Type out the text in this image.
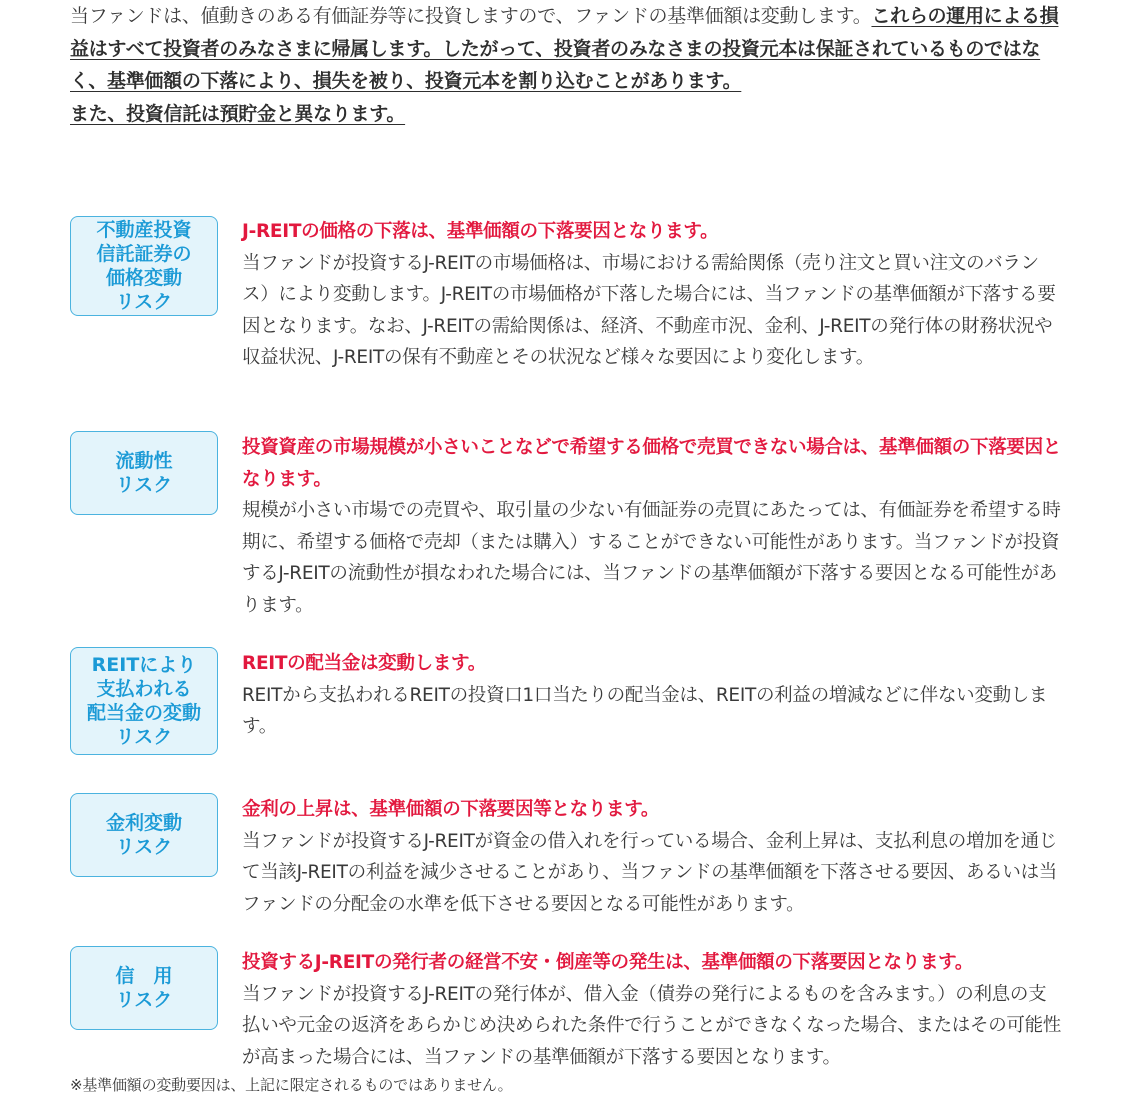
当ファンドは、値動きのある有価証券等に投資しますので、ファンドの基準価額は変動します。これらの運用による損益はすべて投資者のみなさまに帰属します。したがって、投資者のみなさまの投資元本は保証されているものではなく、基準価額の下落により、損失を被り、投資元本を割り込むことがあります。

また、投資信託は預貯金と異なります。

不動産投資
信託証券の
価格変動
リスク

J-REITの価格の下落は、基準価額の下落要因となります。

当ファンドが投資するJ-REITの市場価格は、市場における需給関係（売り注文と買い注文のバランス）により変動します。J-REITの市場価格が下落した場合には、当ファンドの基準価額が下落する要因となります。なお、J-REITの需給関係は、経済、不動産市況、金利、J-REITの発行体の財務状況や収益状況、J-REITの保有不動産とその状況など様々な要因により変化します。

流動性
リスク

投資資産の市場規模が小さいことなどで希望する価格で売買できない場合は、基準価額の下落要因となります。

規模が小さい市場での売買や、取引量の少ない有価証券の売買にあたっては、有価証券を希望する時期に、希望する価格で売却（または購入）することができない可能性があります。当ファンドが投資するJ-REITの流動性が損なわれた場合には、当ファンドの基準価額が下落する要因となる可能性があります。

REITにより
支払われる
配当金の変動
リスク

REITの配当金は変動します。

REITから支払われるREITの投資口1口当たりの配当金は、REITの利益の増減などに伴ない変動します。

金利変動
リスク

金利の上昇は、基準価額の下落要因等となります。

当ファンドが投資するJ-REITが資金の借入れを行っている場合、金利上昇は、支払利息の増加を通じて当該J-REITの利益を減少させることがあり、当ファンドの基準価額を下落させる要因、あるいは当ファンドの分配金の水準を低下させる要因となる可能性があります。

信　用
リスク

投資するJ-REITの発行者の経営不安・倒産等の発生は、基準価額の下落要因となります。

当ファンドが投資するJ-REITの発行体が、借入金（債券の発行によるものを含みます。）の利息の支払いや元金の返済をあらかじめ決められた条件で行うことができなくなった場合、またはその可能性が高まった場合には、当ファンドの基準価額が下落する要因となります。

※基準価額の変動要因は、上記に限定されるものではありません。
